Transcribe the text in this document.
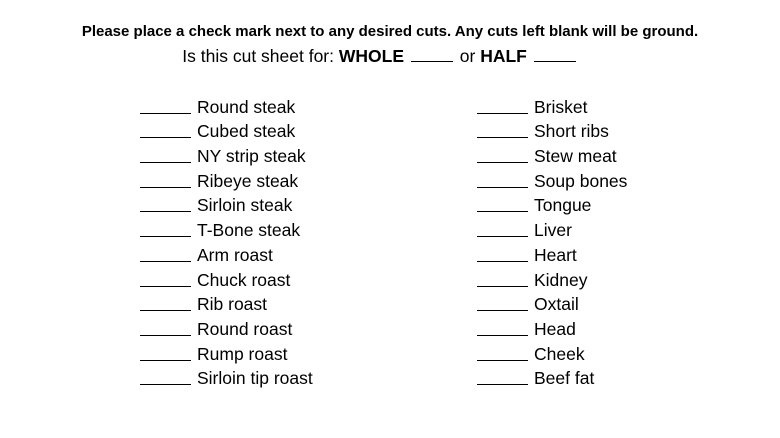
Please place a check mark next to any desired cuts. Any cuts left blank will be ground.
Is this cut sheet for: WHOLE	or HALF
Round steak
Cubed steak
NY strip steak
Ribeye steak
Sirloin steak
T-Bone steak
Arm roast
Chuck roast
Rib roast
Round roast
Rump roast
Sirloin tip roast
Brisket
Short ribs
Stew meat
Soup bones
Tongue
Liver
Heart
Kidney
Oxtail
Head
Cheek
Beef fat
